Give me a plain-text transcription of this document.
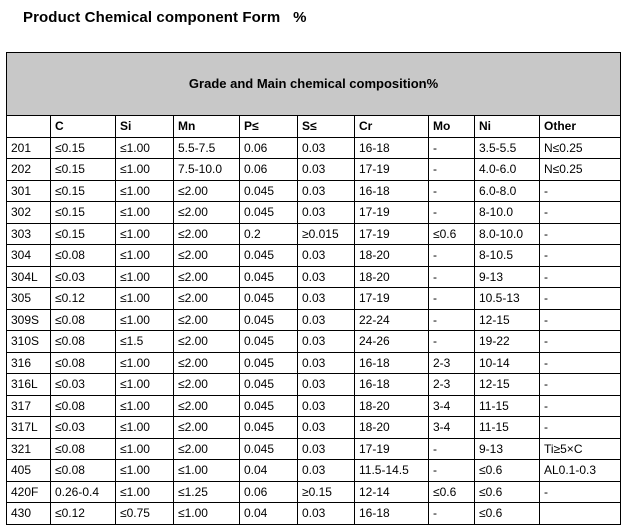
Product Chemical component Form   %
Grade and Main chemical composition%									
	C	Si	Mn	P≤	S≤	Cr	Mo	Ni	Other
201	≤0.15	≤1.00	5.5-7.5	0.06	0.03	16-18	-	3.5-5.5	N≤0.25
202	≤0.15	≤1.00	7.5-10.0	0.06	0.03	17-19	-	4.0-6.0	N≤0.25
301	≤0.15	≤1.00	≤2.00	0.045	0.03	16-18	-	6.0-8.0	-
302	≤0.15	≤1.00	≤2.00	0.045	0.03	17-19	-	8-10.0	-
303	≤0.15	≤1.00	≤2.00	0.2	≥0.015	17-19	≤0.6	8.0-10.0	-
304	≤0.08	≤1.00	≤2.00	0.045	0.03	18-20	-	8-10.5	-
304L	≤0.03	≤1.00	≤2.00	0.045	0.03	18-20	-	9-13	-
305	≤0.12	≤1.00	≤2.00	0.045	0.03	17-19	-	10.5-13	-
309S	≤0.08	≤1.00	≤2.00	0.045	0.03	22-24	-	12-15	-
310S	≤0.08	≤1.5	≤2.00	0.045	0.03	24-26	-	19-22	-
316	≤0.08	≤1.00	≤2.00	0.045	0.03	16-18	2-3	10-14	-
316L	≤0.03	≤1.00	≤2.00	0.045	0.03	16-18	2-3	12-15	-
317	≤0.08	≤1.00	≤2.00	0.045	0.03	18-20	3-4	11-15	-
317L	≤0.03	≤1.00	≤2.00	0.045	0.03	18-20	3-4	11-15	-
321	≤0.08	≤1.00	≤2.00	0.045	0.03	17-19	-	9-13	Ti≥5×C
405	≤0.08	≤1.00	≤1.00	0.04	0.03	11.5-14.5	-	≤0.6	AL0.1-0.3
420F	0.26-0.4	≤1.00	≤1.25	0.06	≥0.15	12-14	≤0.6	≤0.6	-
430	≤0.12	≤0.75	≤1.00	0.04	0.03	16-18	-	≤0.6	
